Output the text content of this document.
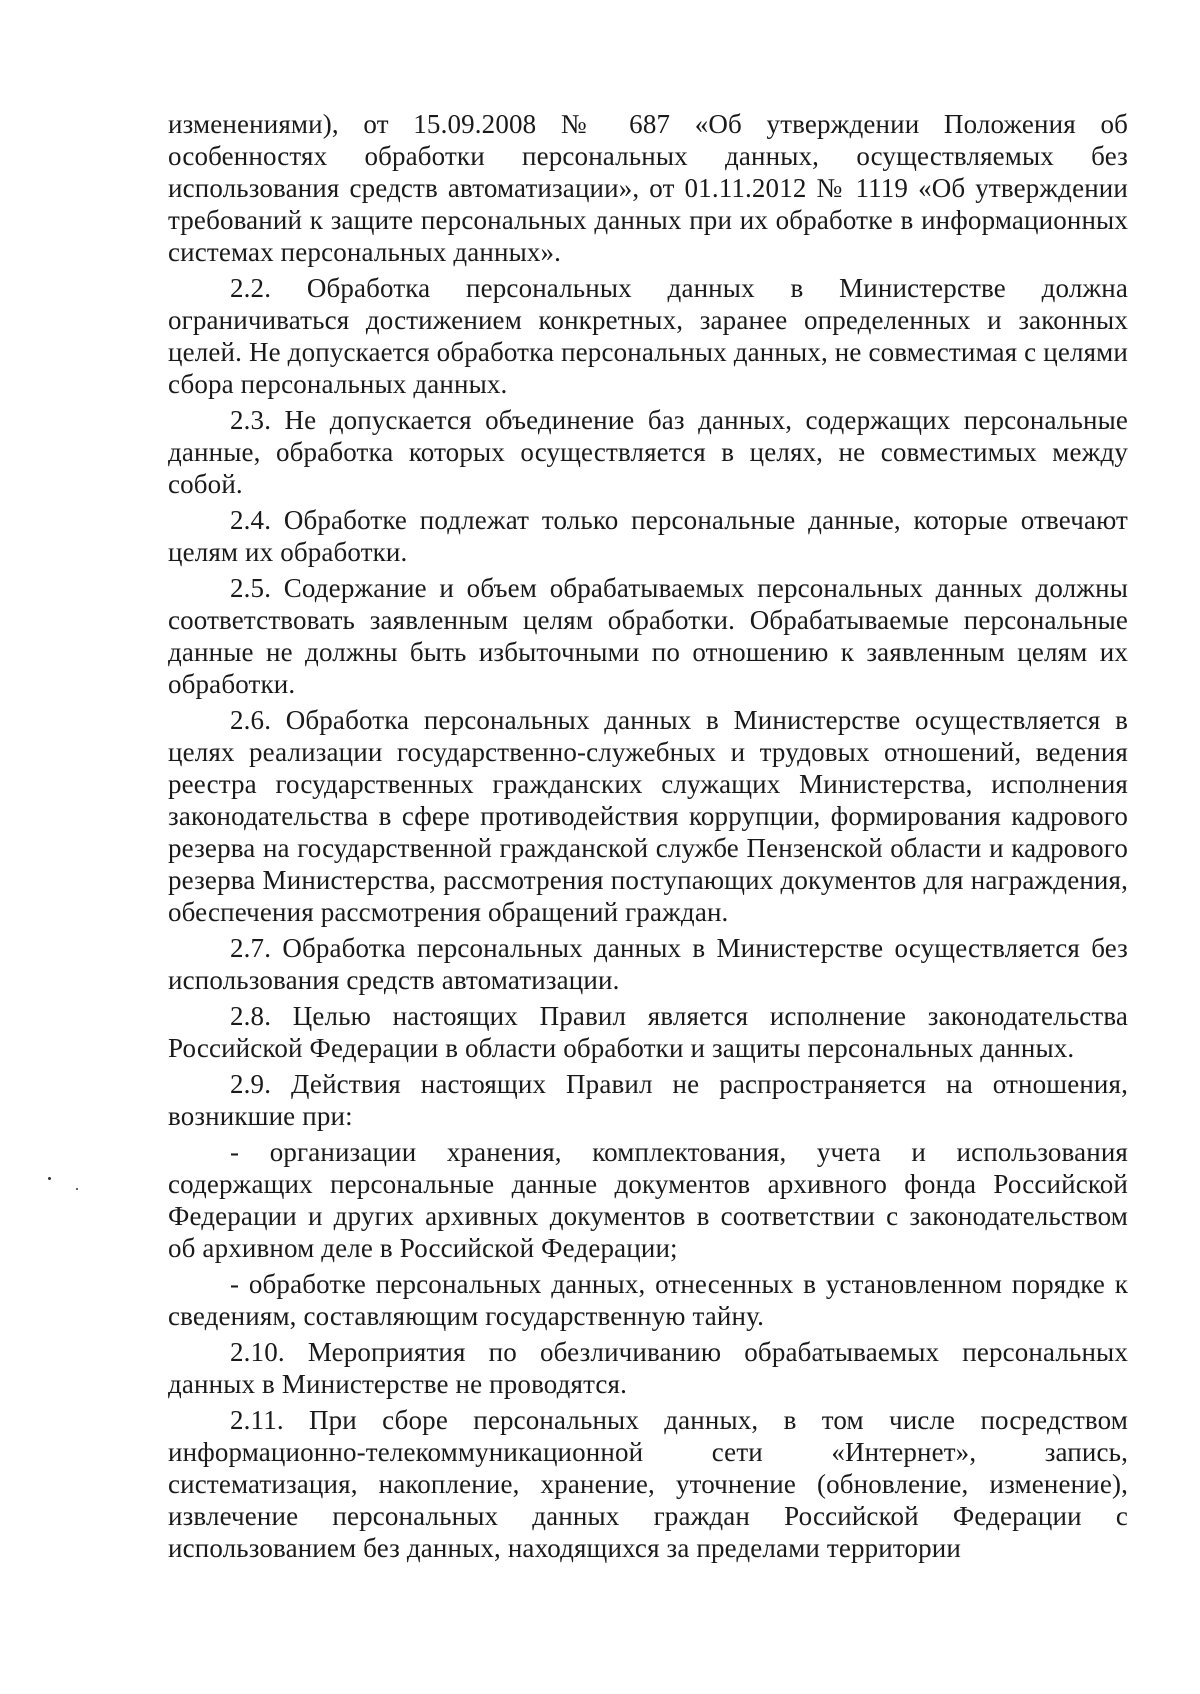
изменениями), от 15.09.2008 № 687 «Об утверждении Положения об особенностях обработки персональных данных, осуществляемых без использования средств автоматизации», от 01.11.2012 № 1119 «Об утверждении требований к защите персональных данных при их обработке в информационных системах персональных данных».

2.2. Обработка персональных данных в Министерстве должна ограничиваться достижением конкретных, заранее определенных и законных целей. Не допускается обработка персональных данных, не совместимая с целями сбора персональных данных.

2.3. Не допускается объединение баз данных, содержащих персональные данные, обработка которых осуществляется в целях, не совместимых между собой.

2.4. Обработке подлежат только персональные данные, которые отвечают целям их обработки.

2.5. Содержание и объем обрабатываемых персональных данных должны соответствовать заявленным целям обработки. Обрабатываемые персональные данные не должны быть избыточными по отношению к заявленным целям их обработки.

2.6. Обработка персональных данных в Министерстве осуществляется в целях реализации государственно-служебных и трудовых отношений, ведения реестра государственных гражданских служащих Министерства, исполнения законодательства в сфере противодействия коррупции, формирования кадрового резерва на государственной гражданской службе Пензенской области и кадрового резерва Министерства, рассмотрения поступающих документов для награждения, обеспечения рассмотрения обращений граждан.

2.7. Обработка персональных данных в Министерстве осуществляется без использования средств автоматизации.

2.8. Целью настоящих Правил является исполнение законодательства Российской Федерации в области обработки и защиты персональных данных.

2.9. Действия настоящих Правил не распространяется на отношения, возникшие при:

- организации хранения, комплектования, учета и использования содержащих персональные данные документов архивного фонда Российской Федерации и других архивных документов в соответствии с законодательством об архивном деле в Российской Федерации;

- обработке персональных данных, отнесенных в установленном порядке к сведениям, составляющим государственную тайну.

2.10. Мероприятия по обезличиванию обрабатываемых персональных данных в Министерстве не проводятся.

2.11. При сборе персональных данных, в том числе посредством информационно-телекоммуникационной сети «Интернет», запись, систематизация, накопление, хранение, уточнение (обновление, изменение), извлечение персональных данных граждан Российской Федерации с использованием без данных, находящихся за пределами территории
